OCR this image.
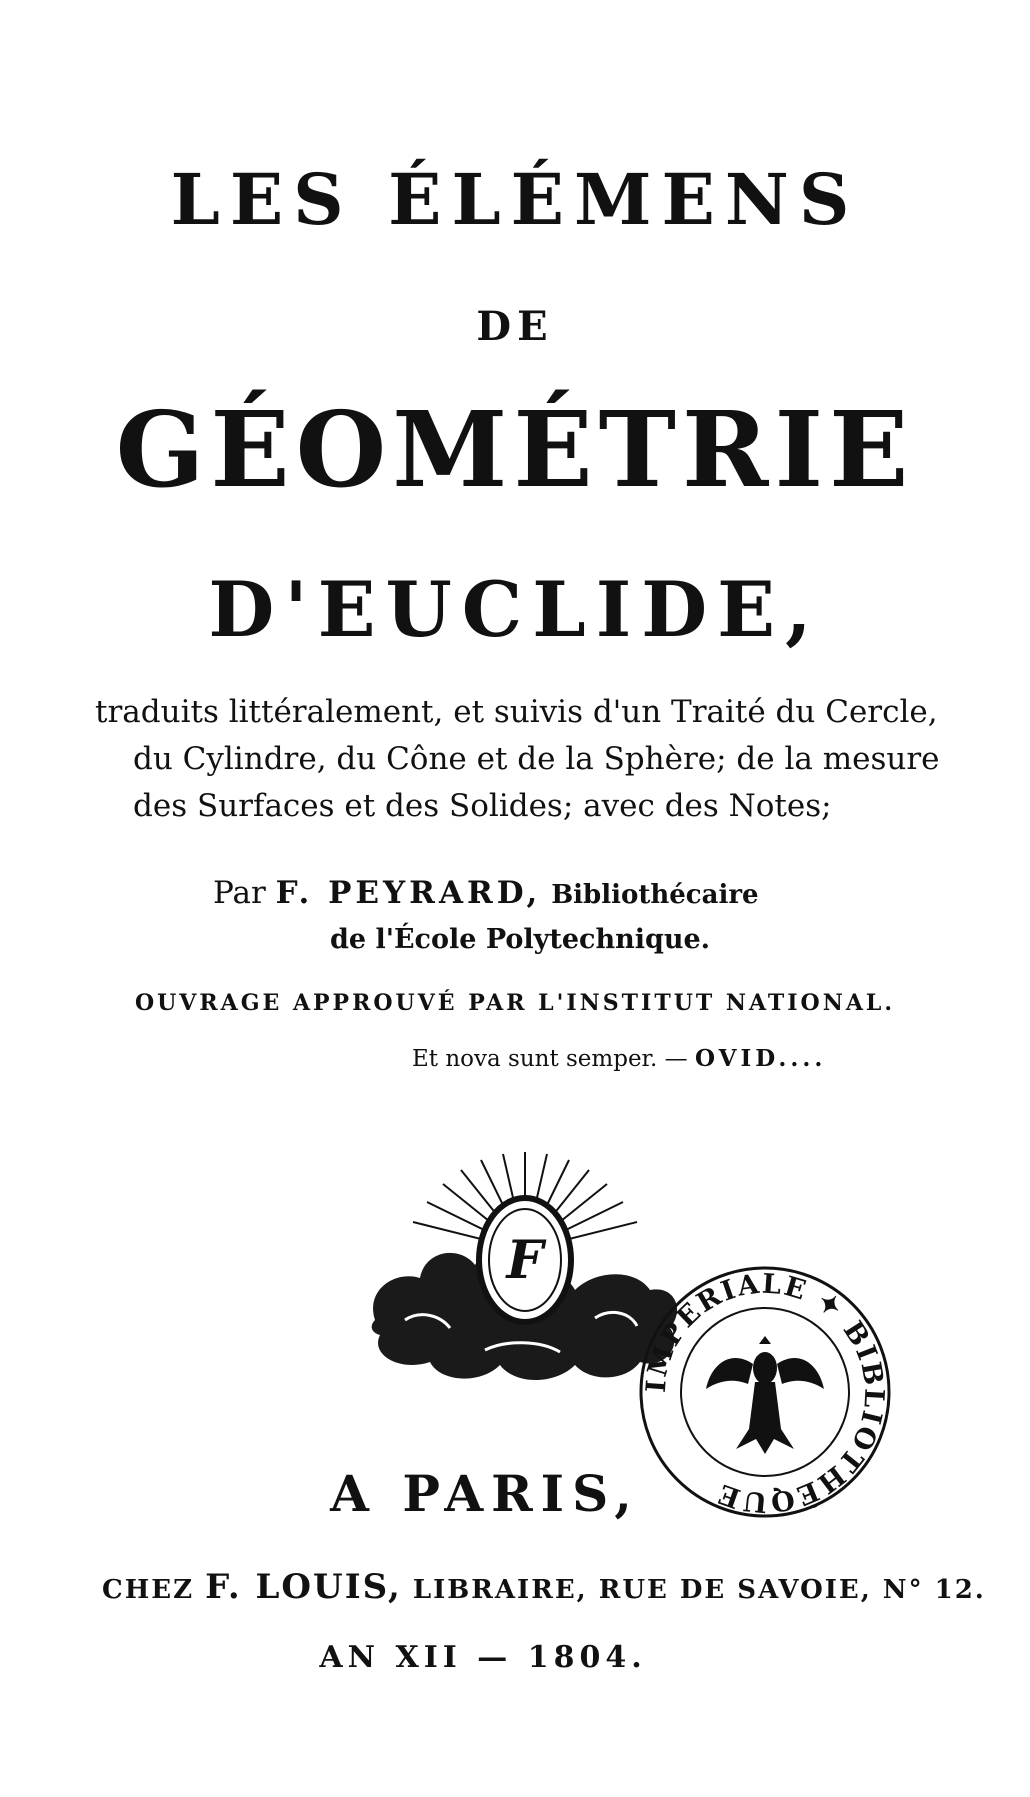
LES ÉLÉMENS
DE
GÉOMÉTRIE
D'EUCLIDE,
traduits littéralement, et suivis d'un Traité du Cercle,
du Cylindre, du Cône et de la Sphère; de la mesure
des Surfaces et des Solides; avec des Notes;
Par F. PEYRARD, Bibliothécaire
de l'École Polytechnique.
OUVRAGE APPROUVÉ PAR L'INSTITUT NATIONAL.
Et nova sunt semper. — OVID....
F
IMPERIALE ✦ BIBLIOTHÈQUE
A PARIS,
CHEZ F. LOUIS, LIBRAIRE, RUE DE SAVOIE, N° 12.
AN XII — 1804.
